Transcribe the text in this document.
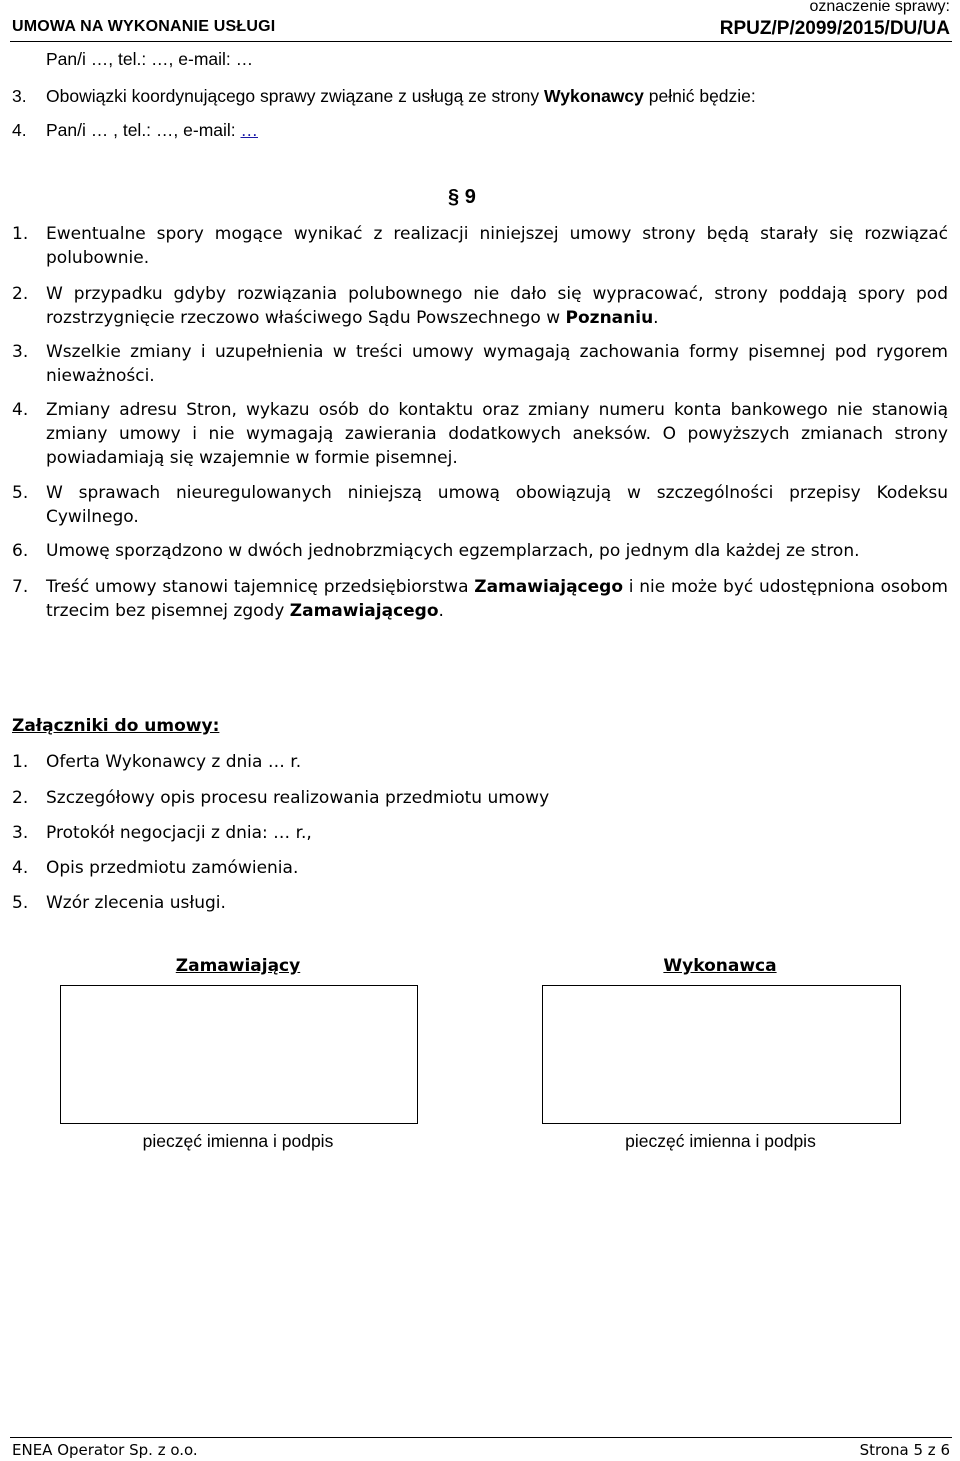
UMOWA NA WYKONANIE USŁUGI
oznaczenie sprawy:
RPUZ/P/2099/2015/DU/UA
Pan/i …, tel.: …, e-mail: …
3. Obowiązki koordynującego sprawy związane z usługą ze strony Wykonawcy pełnić będzie:
4. Pan/i … , tel.: …, e-mail: …
§ 9
1. Ewentualne spory mogące wynikać z realizacji niniejszej umowy strony będą starały się rozwiązać polubownie.
2. W przypadku gdyby rozwiązania polubownego nie dało się wypracować, strony poddają spory pod rozstrzygnięcie rzeczowo właściwego Sądu Powszechnego w Poznaniu.
3. Wszelkie zmiany i uzupełnienia w treści umowy wymagają zachowania formy pisemnej pod rygorem nieważności.
4. Zmiany adresu Stron, wykazu osób do kontaktu oraz zmiany numeru konta bankowego nie stanowią zmiany umowy i nie wymagają zawierania dodatkowych aneksów. O powyższych zmianach strony powiadamiają się wzajemnie w formie pisemnej.
5. W sprawach nieuregulowanych niniejszą umową obowiązują w szczególności przepisy Kodeksu Cywilnego.
6. Umowę sporządzono w dwóch jednobrzmiących egzemplarzach, po jednym dla każdej ze stron.
7. Treść umowy stanowi tajemnicę przedsiębiorstwa Zamawiającego i nie może być udostępniona osobom trzecim bez pisemnej zgody Zamawiającego.
Załączniki do umowy:
1. Oferta Wykonawcy z dnia … r.
2. Szczegółowy opis procesu realizowania przedmiotu umowy
3. Protokół negocjacji z dnia: … r.,
4. Opis przedmiotu zamówienia.
5. Wzór zlecenia usługi.
Zamawiający	Wykonawca
pieczęć imienna i podpis	pieczęć imienna i podpis
ENEA Operator Sp. z o.o.	Strona 5 z 6
